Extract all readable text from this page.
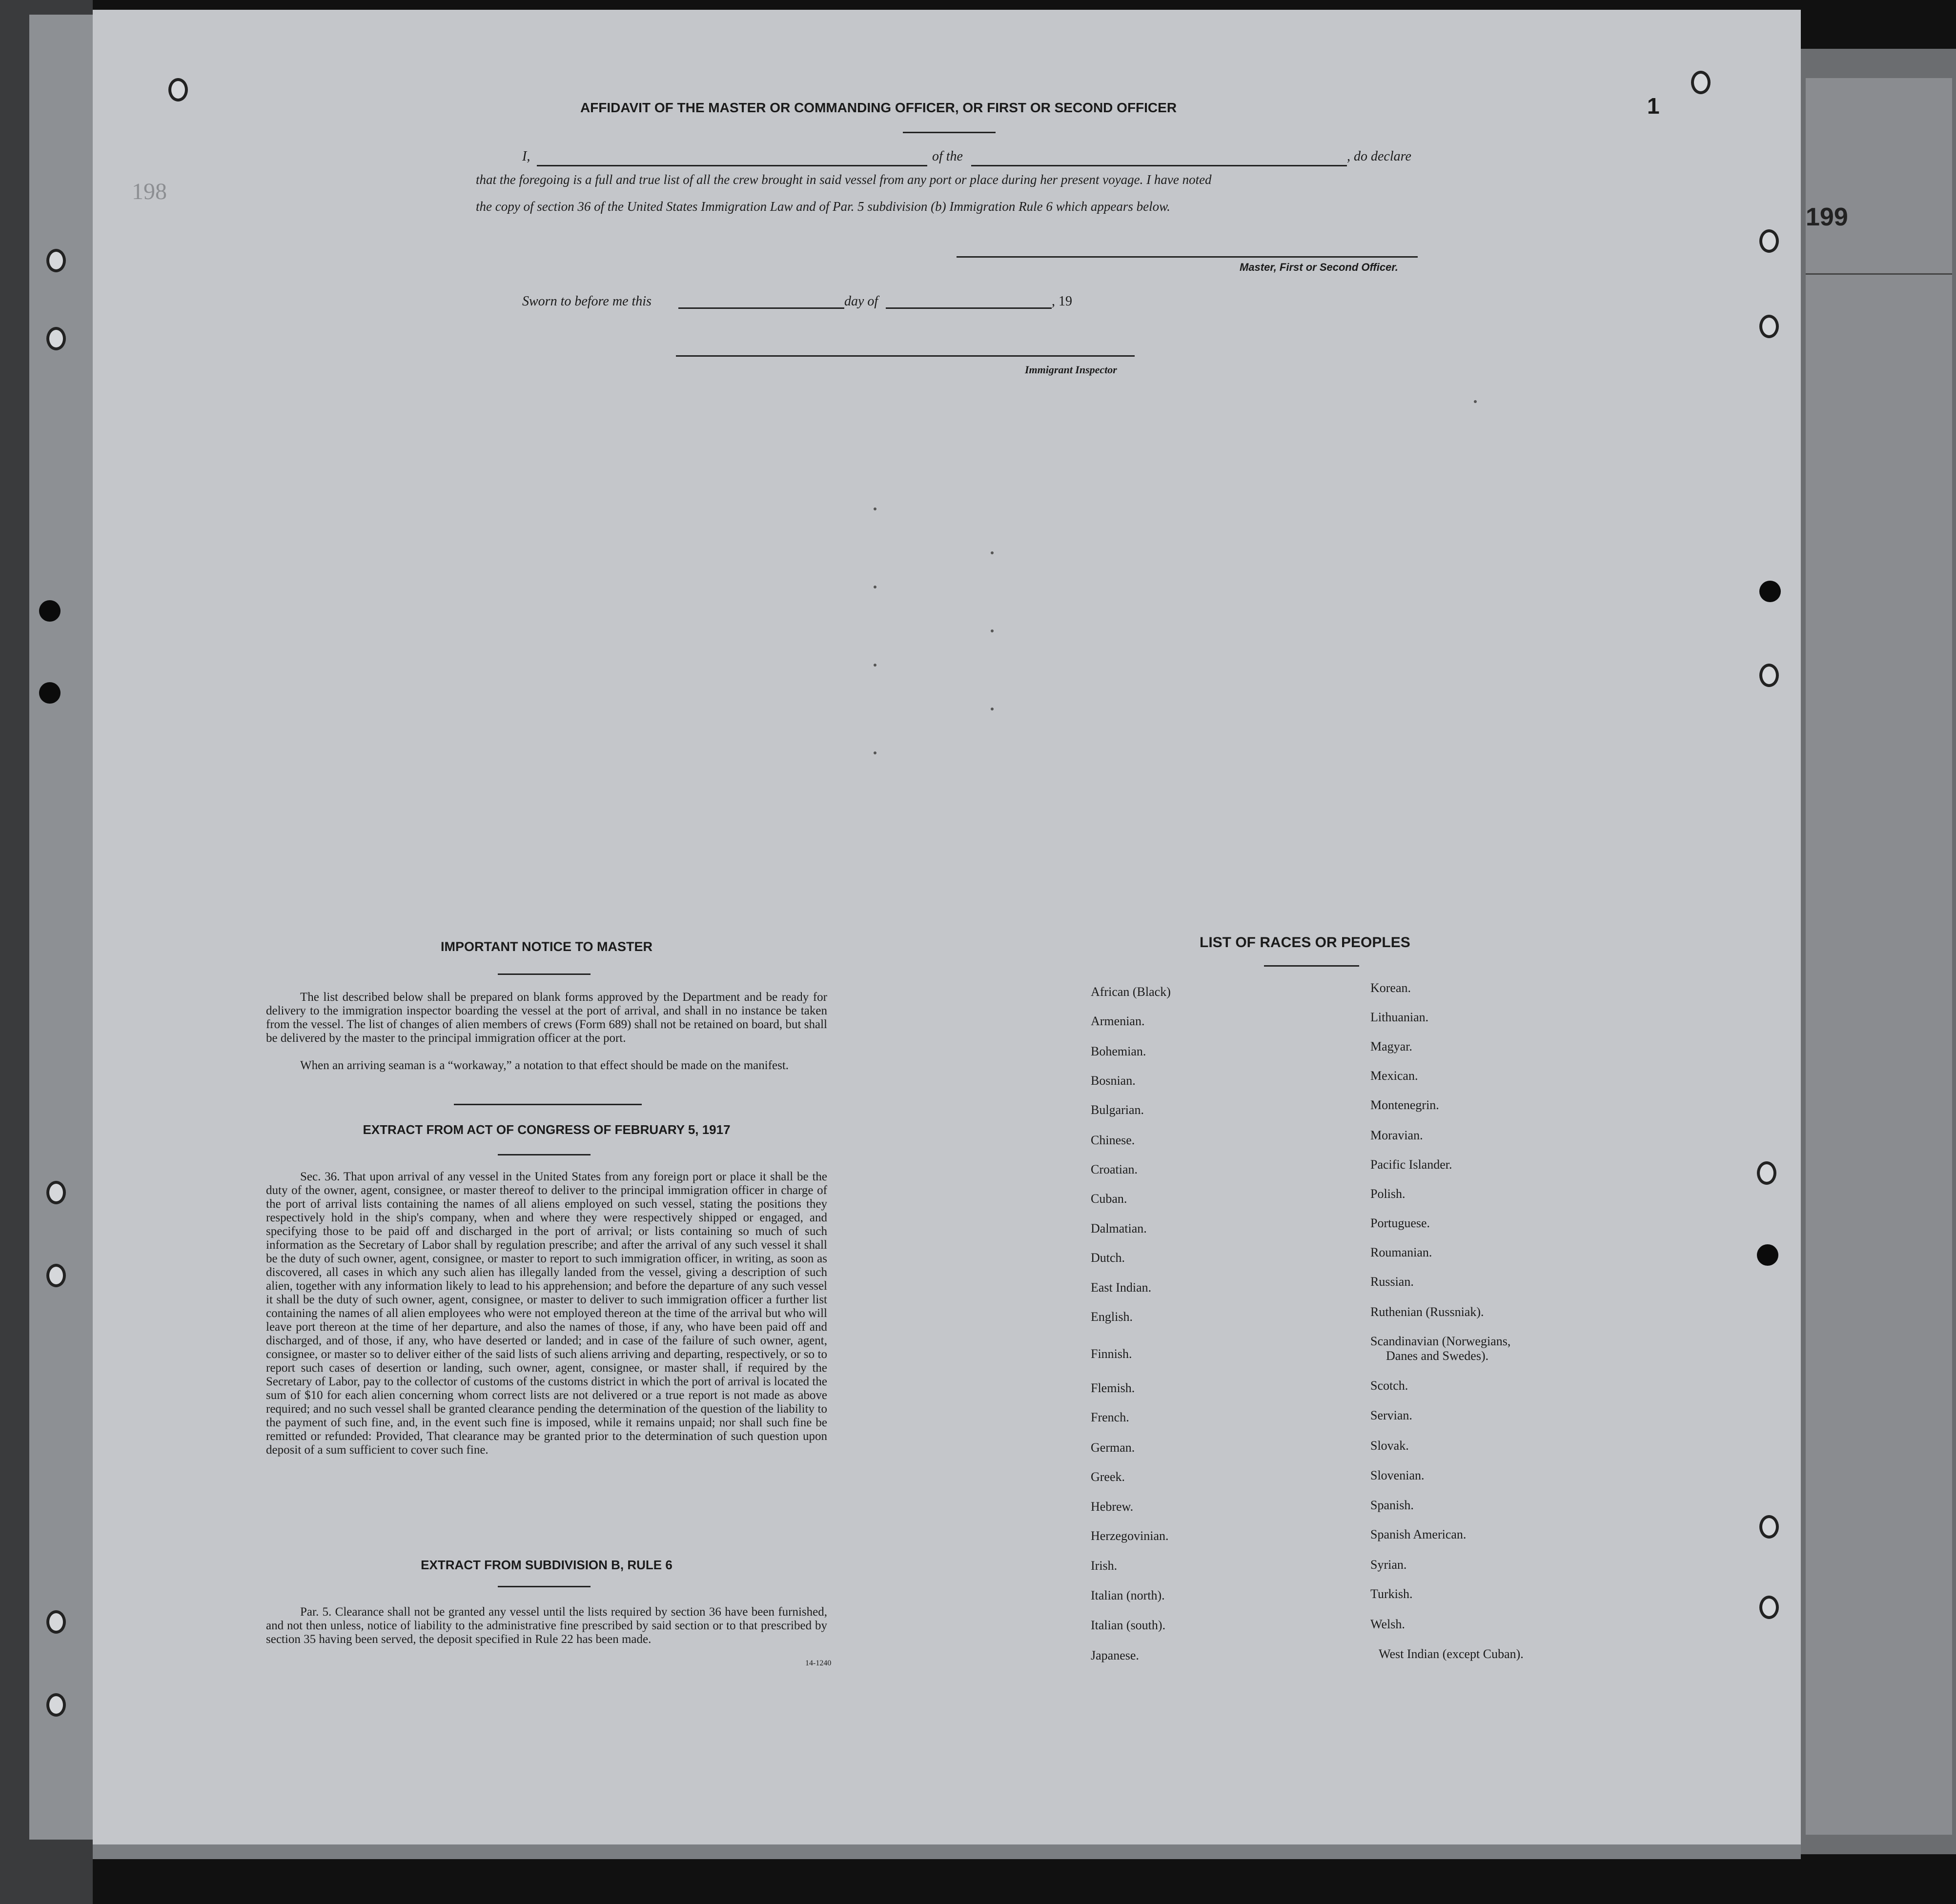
199
198
1
AFFIDAVIT OF THE MASTER OR COMMANDING OFFICER, OR FIRST OR SECOND OFFICER
I,	of the	, do declare
that the foregoing is a full and true list of all the crew brought in said vessel from any port or place during her present voyage. I have noted
the copy of section 36 of the United States Immigration Law and of Par. 5 subdivision (b) Immigration Rule 6 which appears below.
Master, First or Second Officer.
Sworn to before me this	day of	, 19
Immigrant Inspector
IMPORTANT NOTICE TO MASTER
The list described below shall be prepared on blank forms approved by the Department and be ready for delivery to the immigration inspector boarding the vessel at the port of arrival, and shall in no instance be taken from the vessel. The list of changes of alien members of crews (Form 689) shall not be retained on board, but shall be delivered by the master to the principal immigration officer at the port.
When an arriving seaman is a “workaway,” a notation to that effect should be made on the manifest.
EXTRACT FROM ACT OF CONGRESS OF FEBRUARY 5, 1917
Sec. 36. That upon arrival of any vessel in the United States from any foreign port or place it shall be the duty of the owner, agent, consignee, or master thereof to deliver to the principal immigration officer in charge of the port of arrival lists containing the names of all aliens employed on such vessel, stating the positions they respectively hold in the ship's company, when and where they were respectively shipped or engaged, and specifying those to be paid off and discharged in the port of arrival; or lists containing so much of such information as the Secretary of Labor shall by regulation prescribe; and after the arrival of any such vessel it shall be the duty of such owner, agent, consignee, or master to report to such immigration officer, in writing, as soon as discovered, all cases in which any such alien has illegally landed from the vessel, giving a description of such alien, together with any information likely to lead to his apprehension; and before the departure of any such vessel it shall be the duty of such owner, agent, consignee, or master to deliver to such immigration officer a further list containing the names of all alien employees who were not employed thereon at the time of the arrival but who will leave port thereon at the time of her departure, and also the names of those, if any, who have been paid off and discharged, and of those, if any, who have deserted or landed; and in case of the failure of such owner, agent, consignee, or master so to deliver either of the said lists of such aliens arriving and departing, respectively, or so to report such cases of desertion or landing, such owner, agent, consignee, or master shall, if required by the Secretary of Labor, pay to the collector of customs of the customs district in which the port of arrival is located the sum of $10 for each alien concerning whom correct lists are not delivered or a true report is not made as above required; and no such vessel shall be granted clearance pending the determination of the question of the liability to the payment of such fine, and, in the event such fine is imposed, while it remains unpaid; nor shall such fine be remitted or refunded: Provided, That clearance may be granted prior to the determination of such question upon deposit of a sum sufficient to cover such fine.
EXTRACT FROM SUBDIVISION B, RULE 6
Par. 5. Clearance shall not be granted any vessel until the lists required by section 36 have been furnished, and not then unless, notice of liability to the administrative fine prescribed by said section or to that prescribed by section 35 having been served, the deposit specified in Rule 22 has been made.
14-1240
LIST OF RACES OR PEOPLES
African (Black)
Armenian.
Bohemian.
Bosnian.
Bulgarian.
Chinese.
Croatian.
Cuban.
Dalmatian.
Dutch.
East Indian.
English.
Finnish.
Flemish.
French.
German.
Greek.
Hebrew.
Herzegovinian.
Irish.
Italian (north).
Italian (south).
Japanese.
Korean.
Lithuanian.
Magyar.
Mexican.
Montenegrin.
Moravian.
Pacific Islander.
Polish.
Portuguese.
Roumanian.
Russian.
Ruthenian (Russniak).
Scandinavian (Norwegians,
Danes and Swedes).
Scotch.
Servian.
Slovak.
Slovenian.
Spanish.
Spanish American.
Syrian.
Turkish.
Welsh.
West Indian (except Cuban).
